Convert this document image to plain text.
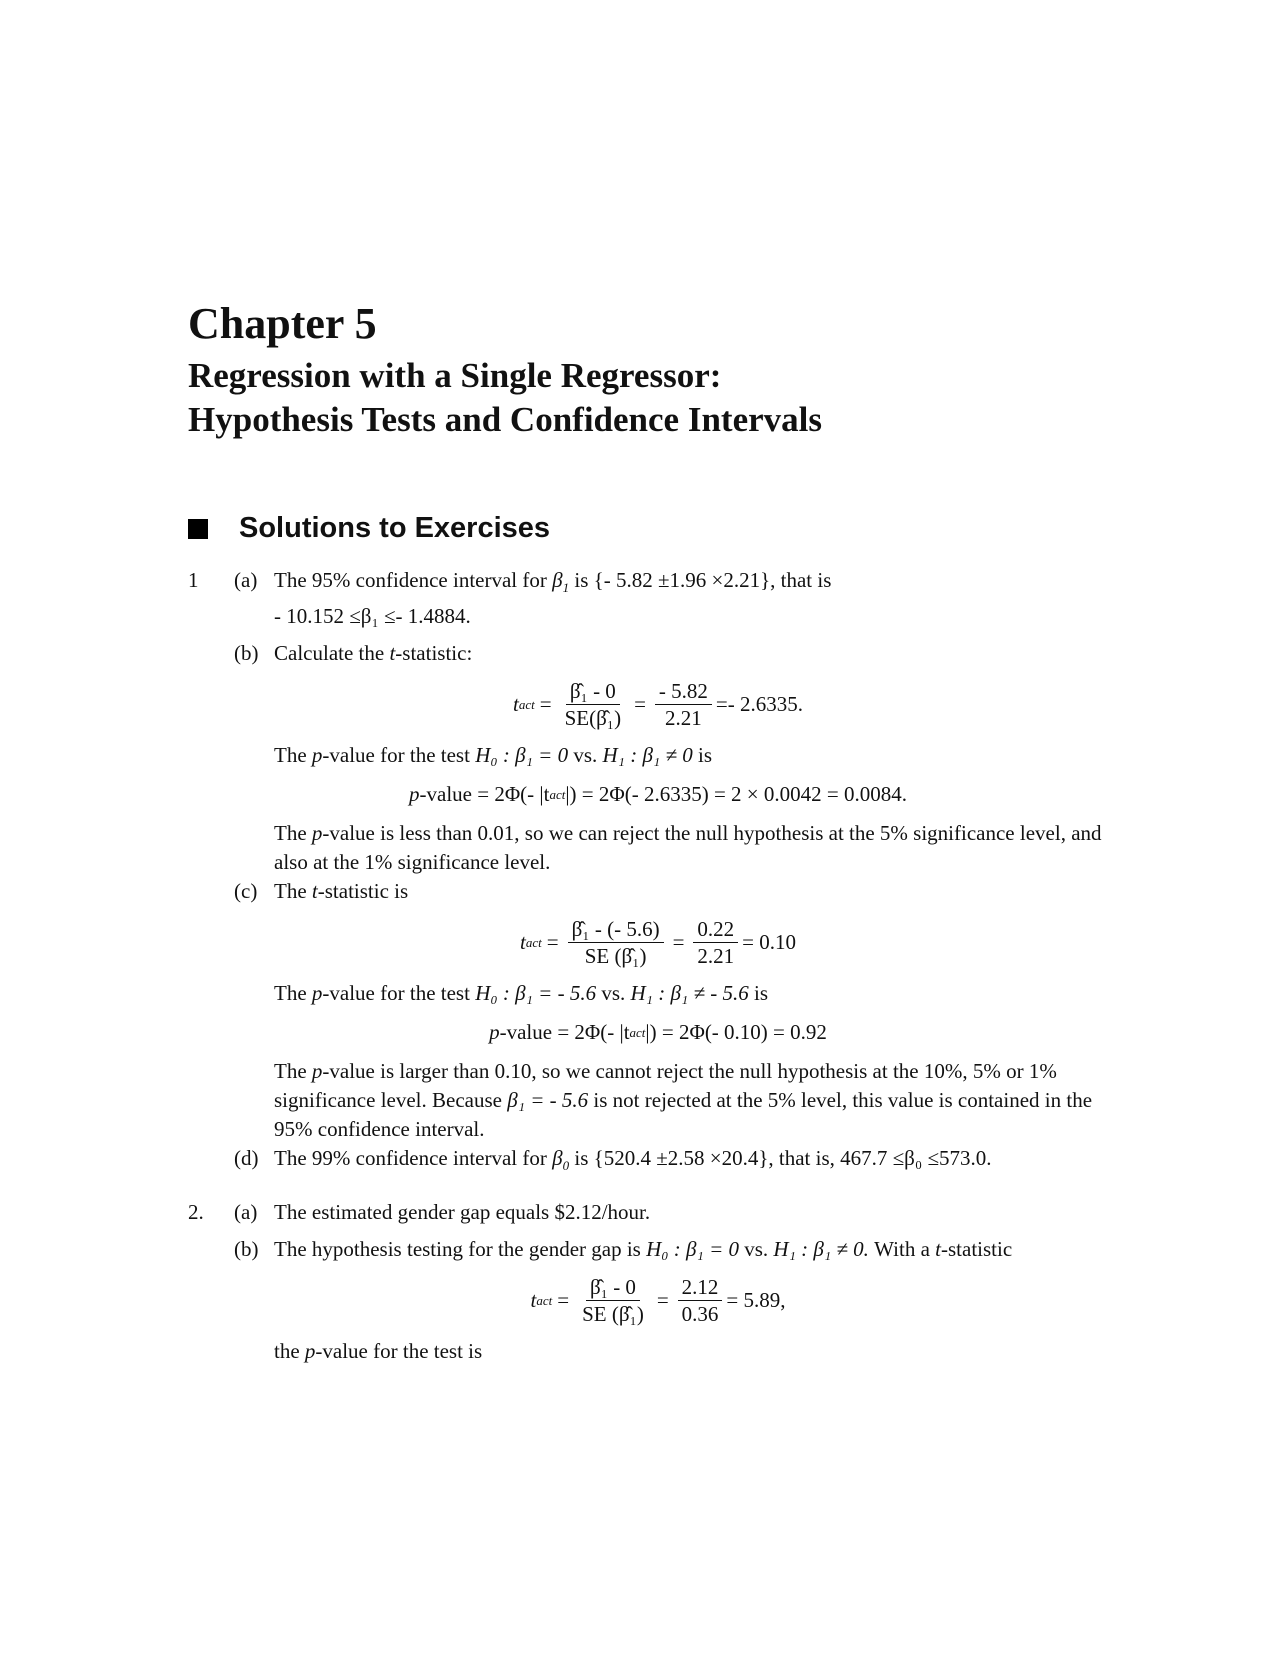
Chapter 5
Regression with a Single Regressor:
Hypothesis Tests and Confidence Intervals
Solutions to Exercises
1	(a) The 95% confidence interval for $\beta_1$ is {- 5.82 ±1.96 ×2.21}, that is
- 10.152 ≤β₁ ≤- 1.4884.
(b) Calculate the t-statistic:
t act = $\frac{\text{β̂₁ - 0}}{\text{SE(β̂₁)}} = \frac{- 5.82}{2.21} =- 2.6335$.
The p-value for the test H₀ : β₁ = 0 vs. H₁ : β₁ ≠ 0 is
p -value = 2Φ(- |t act |) = 2Φ(- 2.6335) = 2 × 0.0042 = 0.0084.
The p-value is less than 0.01, so we can reject the null hypothesis at the 5% significance level, and also at the 1% significance level.
(c) The t-statistic is
t act = $\frac{\text{β̂₁ - (- 5.6)}}{\text{SE (β̂₁)}} = \frac{0.22}{2.21} = 0.10$
The p-value for the test H₀ : β₁ = - 5.6 vs. H₁ : β₁ ≠ - 5.6 is
p -value = 2Φ(- |t act |) = 2Φ(- 0.10) = 0.92
The p-value is larger than 0.10, so we cannot reject the null hypothesis at the 10%, 5% or 1% significance level. Because β₁ = - 5.6 is not rejected at the 5% level, this value is contained in the 95% confidence interval.
(d) The 99% confidence interval for $\beta_0$ is {520.4 ±2.58 ×20.4}, that is, 467.7 ≤β₀ ≤573.0.
2.	(a) The estimated gender gap equals $2.12/hour.
(b) The hypothesis testing for the gender gap is H₀ : β₁ = 0 vs. H₁ : β₁ ≠ 0. With a t-statistic
t act = $\frac{\text{β̂₁ - 0}}{\text{SE (β̂₁)}} = \frac{2.12}{0.36} = 5.89$,
the p-value for the test is
